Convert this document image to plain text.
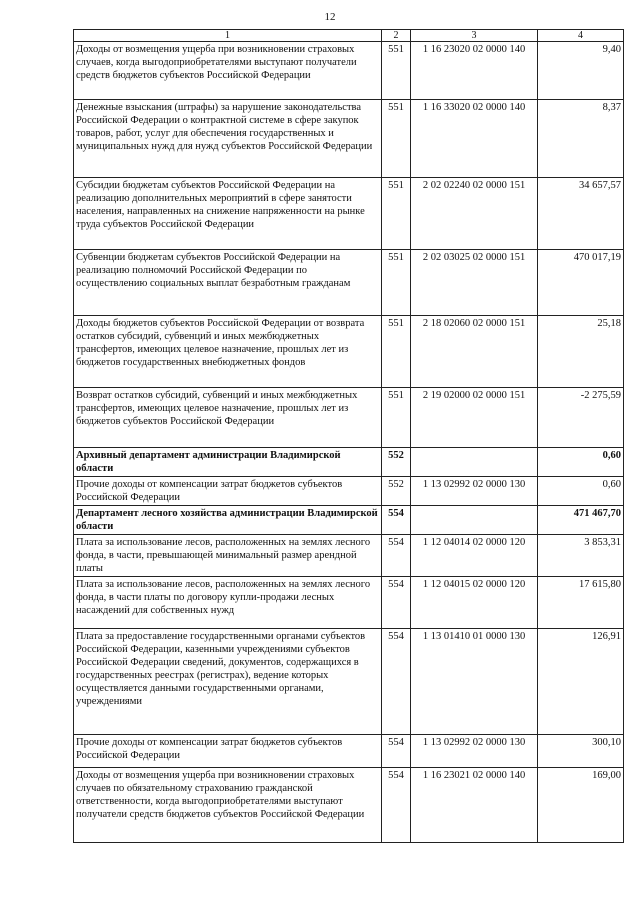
12
1	2	3	4
Доходы от возмещения ущерба при возникновении страховых случаев, когда выгодоприобретателями выступают получатели средств бюджетов субъектов Российской Федерации	551	1 16 23020 02 0000 140	9,40
Денежные взыскания (штрафы) за нарушение законодательства Российской Федерации о контрактной системе в сфере закупок товаров, работ, услуг для обеспечения государственных и муниципальных нужд для нужд субъектов Российской Федерации	551	1 16 33020 02 0000 140	8,37
Субсидии бюджетам субъектов Российской Федерации на реализацию дополнительных мероприятий в сфере занятости населения, направленных на снижение напряженности на рынке труда субъектов Российской Федерации	551	2 02 02240 02 0000 151	34 657,57
Субвенции бюджетам субъектов Российской Федерации на реализацию полномочий Российской Федерации по осуществлению социальных выплат безработным гражданам	551	2 02 03025 02 0000 151	470 017,19
Доходы бюджетов субъектов Российской Федерации от возврата остатков субсидий, субвенций и иных межбюджетных трансфертов, имеющих целевое назначение, прошлых лет из бюджетов государственных внебюджетных фондов	551	2 18 02060 02 0000 151	25,18
Возврат остатков субсидий, субвенций и иных межбюджетных трансфертов, имеющих целевое назначение, прошлых лет из бюджетов субъектов Российской Федерации	551	2 19 02000 02 0000 151	-2 275,59
Архивный департамент администрации Владимирской области	552		0,60
Прочие доходы от компенсации затрат бюджетов субъектов Российской Федерации	552	1 13 02992 02 0000 130	0,60
Департамент лесного хозяйства администрации Владимирской области	554		471 467,70
Плата за использование лесов, расположенных на землях лесного фонда, в части, превышающей минимальный размер арендной платы	554	1 12 04014 02 0000 120	3 853,31
Плата за использование лесов, расположенных на землях лесного фонда, в части платы по договору купли-продажи лесных насаждений для собственных нужд	554	1 12 04015 02 0000 120	17 615,80
Плата за предоставление государственными органами субъектов Российской Федерации, казенными учреждениями субъектов Российской Федерации сведений, документов, содержащихся в государственных реестрах (регистрах), ведение которых осуществляется данными государственными органами, учреждениями	554	1 13 01410 01 0000 130	126,91
Прочие доходы от компенсации затрат бюджетов субъектов Российской Федерации	554	1 13 02992 02 0000 130	300,10
Доходы от возмещения ущерба при возникновении страховых случаев по обязательному страхованию гражданской ответственности, когда выгодоприобретателями выступают получатели средств бюджетов субъектов Российской Федерации	554	1 16 23021 02 0000 140	169,00
